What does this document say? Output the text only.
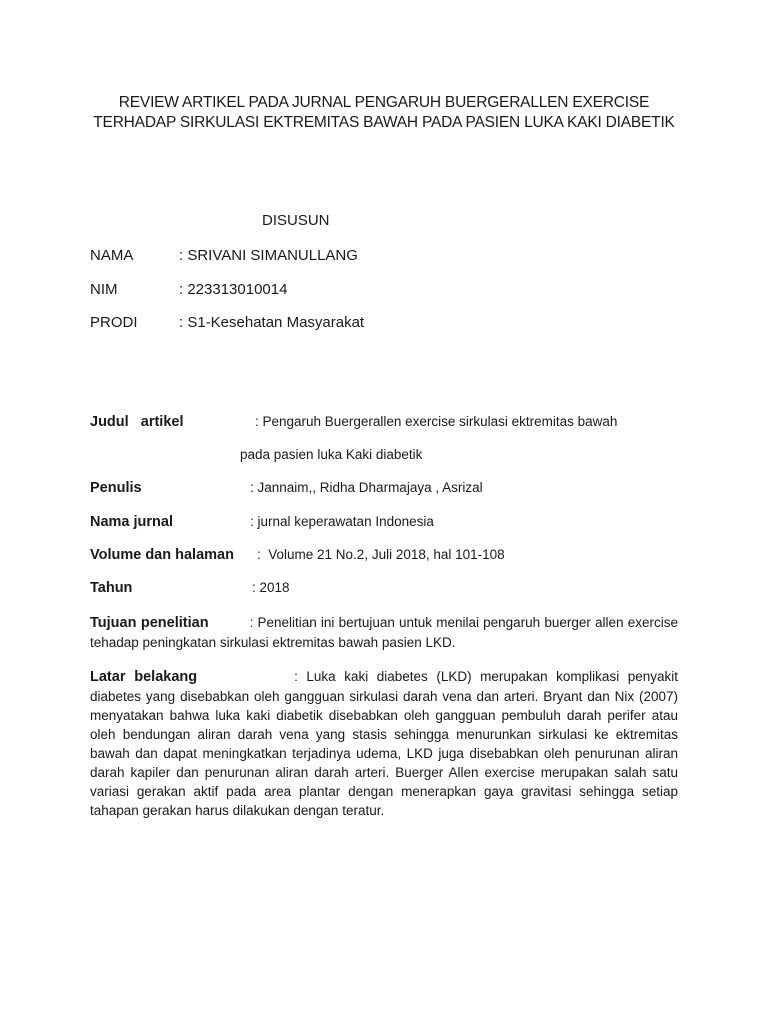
REVIEW ARTIKEL PADA JURNAL PENGARUH BUERGERALLEN EXERCISE
TERHADAP SIRKULASI EKTREMITAS BAWAH PADA PASIEN LUKA KAKI DIABETIK
DISUSUN
NAMA	: SRIVANI SIMANULLANG
NIM	: 223313010014
PRODI	: S1-Kesehatan Masyarakat
Judul   artikel	: Pengaruh Buergerallen exercise sirkulasi ektremitas bawah
pada pasien luka Kaki diabetik
Penulis	: Jannaim,, Ridha Dharmajaya , Asrizal
Nama jurnal	: jurnal keperawatan Indonesia
Volume dan halaman :  Volume 21 No.2, Juli 2018, hal 101-108
Tahun	: 2018
Tujuan penelitian	: Penelitian ini bertujuan untuk menilai pengaruh buerger allen exercise tehadap peningkatan sirkulasi ektremitas bawah pasien LKD.
Latar belakang	: Luka kaki diabetes (LKD) merupakan komplikasi penyakit diabetes yang disebabkan oleh gangguan sirkulasi darah vena dan arteri. Bryant dan Nix (2007) menyatakan bahwa luka kaki diabetik disebabkan oleh gangguan pembuluh darah perifer atau oleh bendungan aliran darah vena yang stasis sehingga menurunkan sirkulasi ke ektremitas bawah dan dapat meningkatkan terjadinya udema, LKD juga disebabkan oleh penurunan aliran darah kapiler dan penurunan aliran darah arteri. Buerger Allen exercise merupakan salah satu variasi gerakan aktif pada area plantar dengan menerapkan gaya gravitasi sehingga setiap tahapan gerakan harus dilakukan dengan teratur.
